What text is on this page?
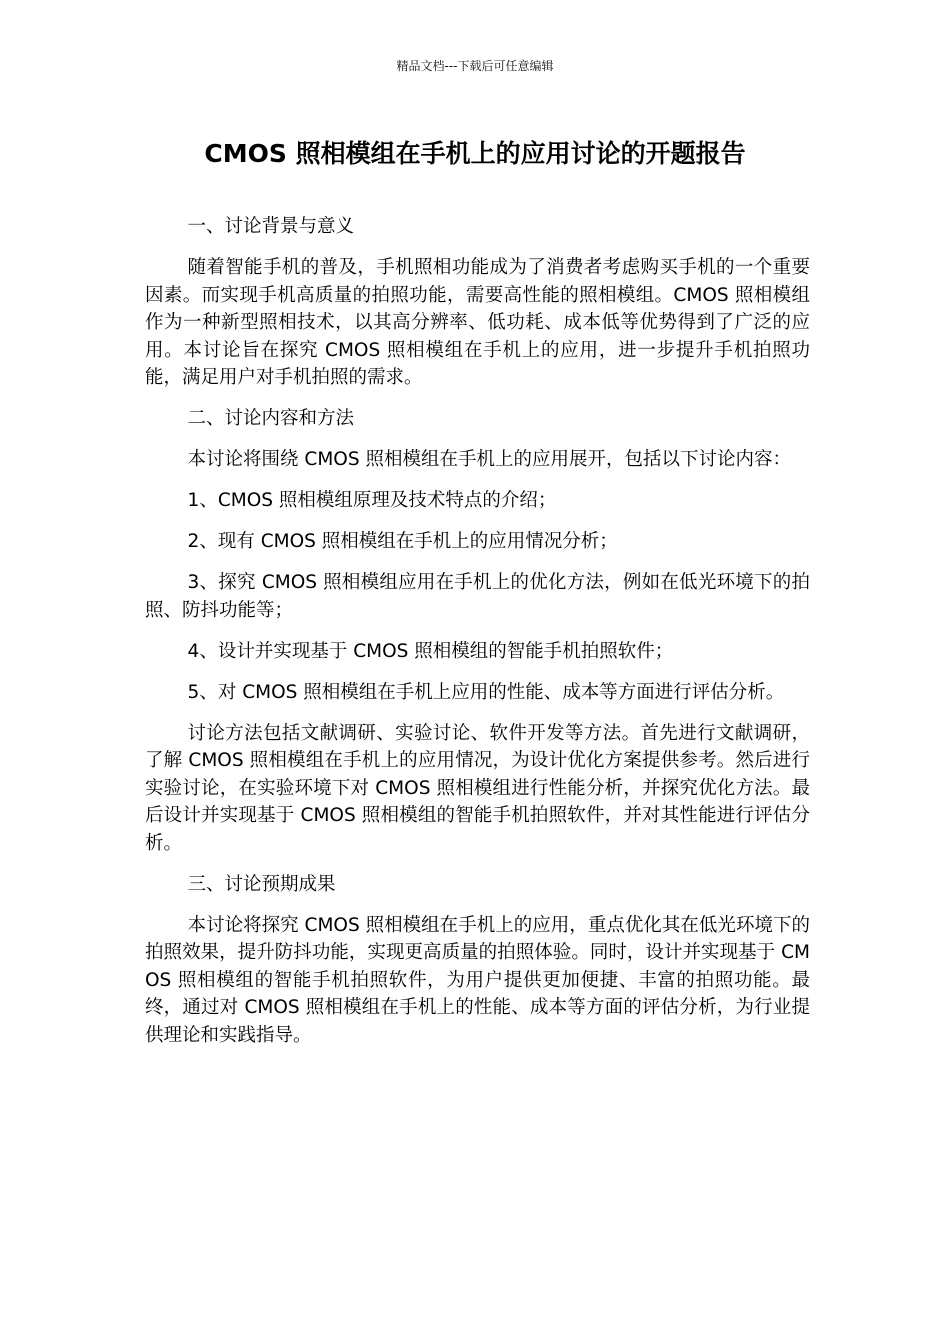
精品文档---下载后可任意编辑
CMOS 照相模组在手机上的应用讨论的开题报告

一、讨论背景与意义

随着智能手机的普及，手机照相功能成为了消费者考虑购买手机的一个重要因素。而实现手机高质量的拍照功能，需要高性能的照相模组。CMOS 照相模组作为一种新型照相技术，以其高分辨率、低功耗、成本低等优势得到了广泛的应用。本讨论旨在探究 CMOS 照相模组在手机上的应用，进一步提升手机拍照功能，满足用户对手机拍照的需求。

二、讨论内容和方法

本讨论将围绕 CMOS 照相模组在手机上的应用展开，包括以下讨论内容：

1、CMOS 照相模组原理及技术特点的介绍；

2、现有 CMOS 照相模组在手机上的应用情况分析；

3、探究 CMOS 照相模组应用在手机上的优化方法，例如在低光环境下的拍照、防抖功能等；

4、设计并实现基于 CMOS 照相模组的智能手机拍照软件；

5、对 CMOS 照相模组在手机上应用的性能、成本等方面进行评估分析。

讨论方法包括文献调研、实验讨论、软件开发等方法。首先进行文献调研，了解 CMOS 照相模组在手机上的应用情况，为设计优化方案提供参考。然后进行实验讨论，在实验环境下对 CMOS 照相模组进行性能分析，并探究优化方法。最后设计并实现基于 CMOS 照相模组的智能手机拍照软件，并对其性能进行评估分析。

三、讨论预期成果

本讨论将探究 CMOS 照相模组在手机上的应用，重点优化其在低光环境下的拍照效果，提升防抖功能，实现更高质量的拍照体验。同时，设计并实现基于 CMOS 照相模组的智能手机拍照软件，为用户提供更加便捷、丰富的拍照功能。最终，通过对 CMOS 照相模组在手机上的性能、成本等方面的评估分析，为行业提供理论和实践指导。
